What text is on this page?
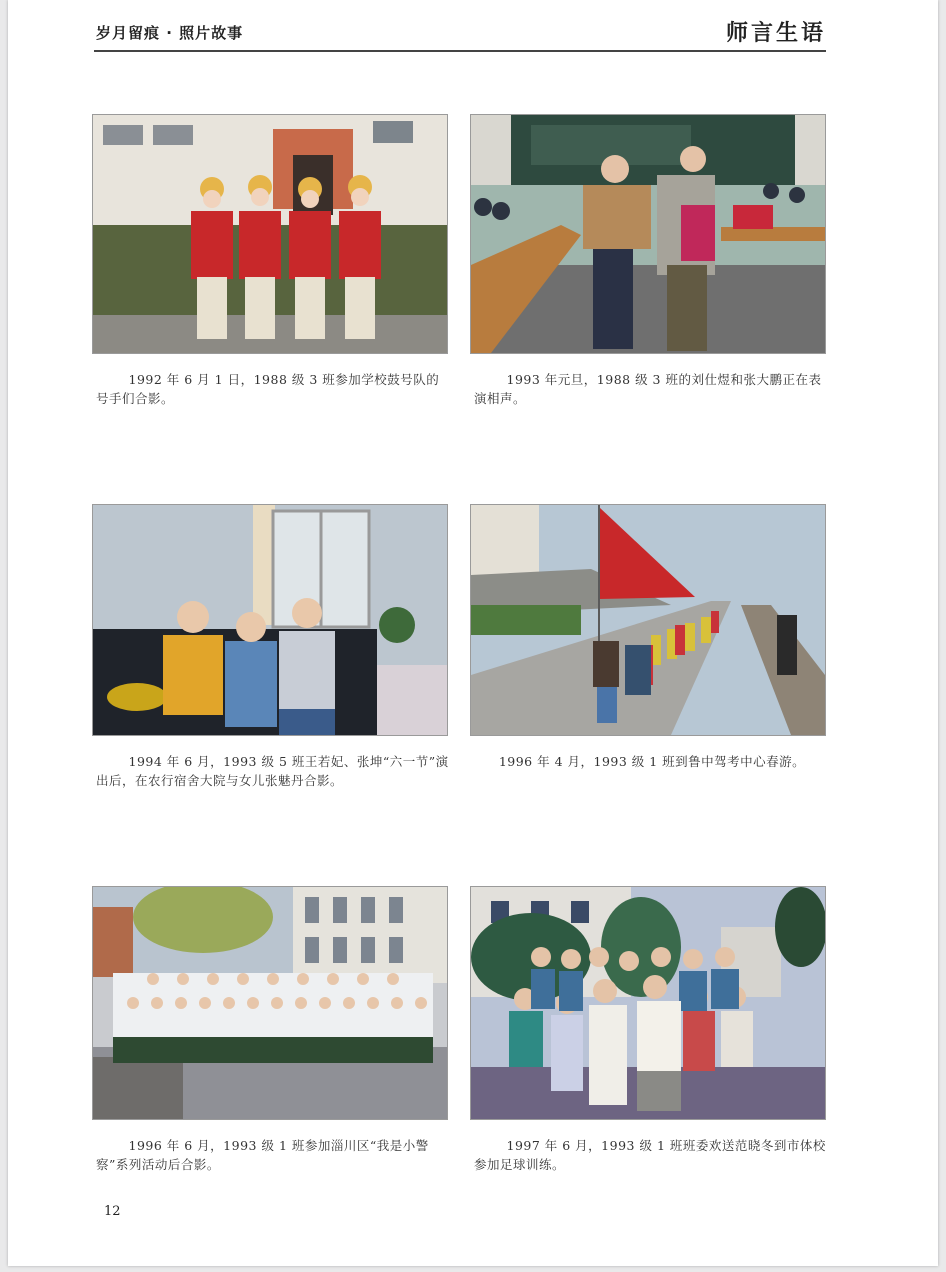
岁月留痕 · 照片故事	师言生语
1992 年 6 月 1 日，1988 级 3 班参加学校鼓号队的号手们合影。
1993 年元旦，1988 级 3 班的刘仕煜和张大鹏正在表演相声。
1994 年 6 月，1993 级 5 班王若妃、张坤“六一节”演出后，在农行宿舍大院与女儿张魅丹合影。
1996 年 4 月，1993 级 1 班到鲁中驾考中心春游。
1996 年 6 月，1993 级 1 班参加淄川区“我是小警察”系列活动后合影。
1997 年 6 月，1993 级 1 班班委欢送范晓冬到市体校参加足球训练。
12
